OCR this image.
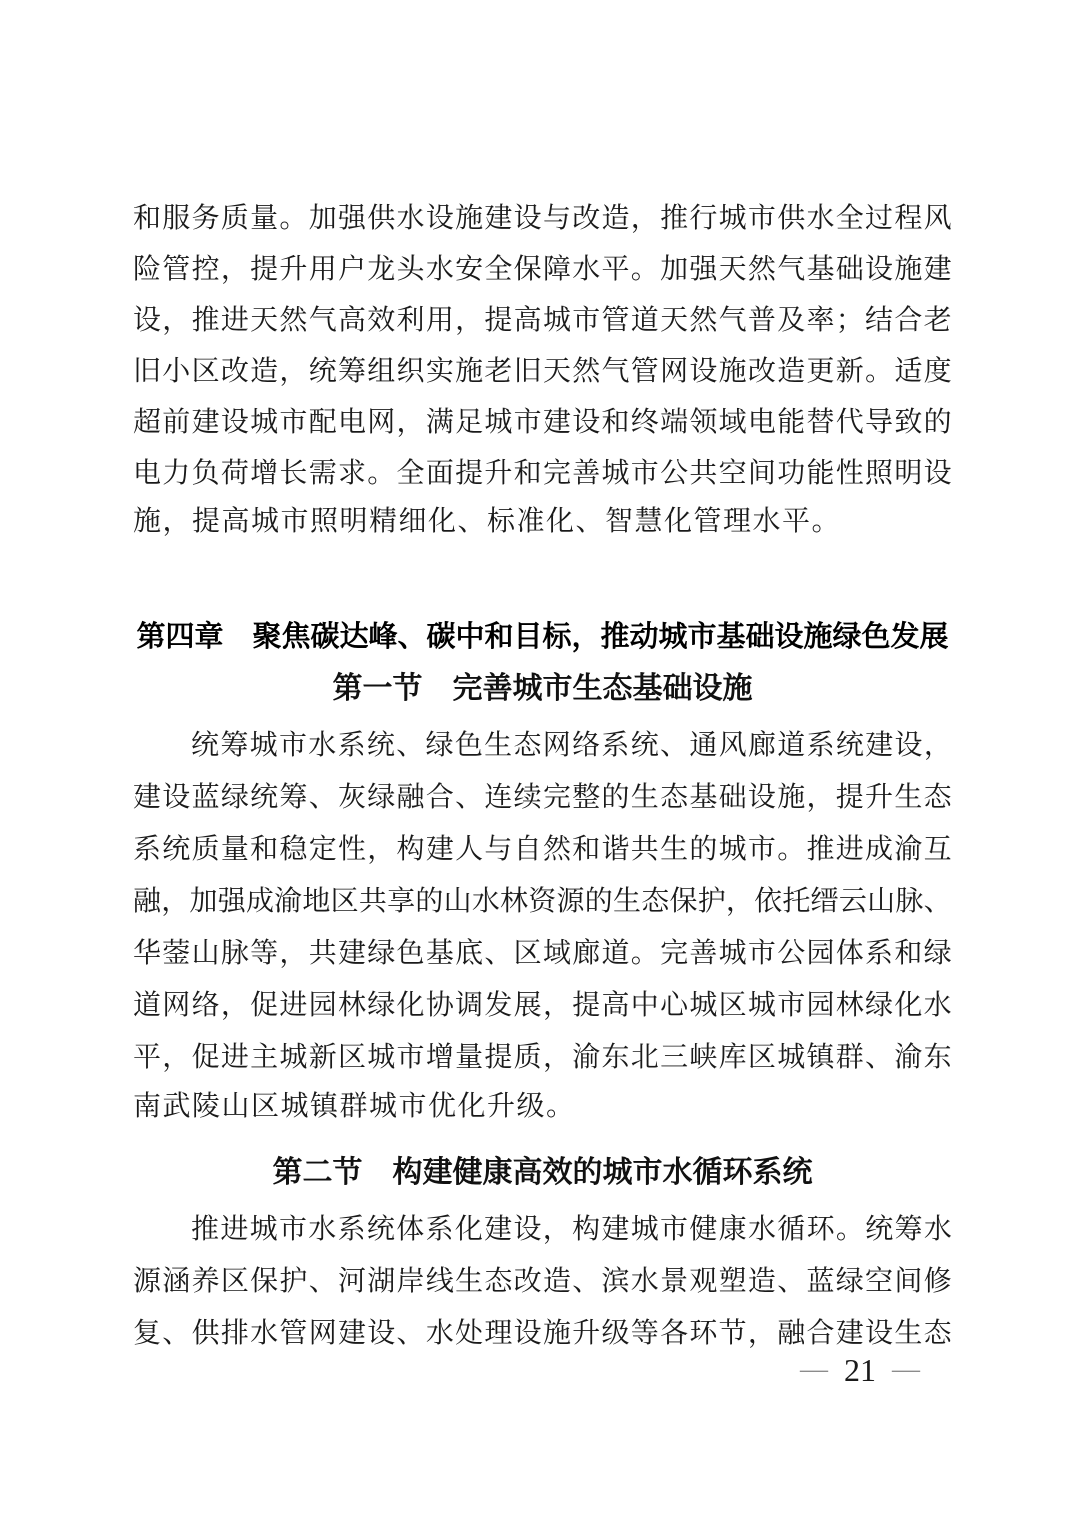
和 服 务 质 量 。 加 强 供 水 设 施 建 设 与 改 造 ， 推 行 城 市 供 水 全 过 程 风
险 管 控 ， 提 升 用 户 龙 头 水 安 全 保 障 水 平 。 加 强 天 然 气 基 础 设 施 建
设 ， 推 进 天 然 气 高 效 利 用 ， 提 高 城 市 管 道 天 然 气 普 及 率 ； 结 合 老
旧 小 区 改 造 ， 统 筹 组 织 实 施 老 旧 天 然 气 管 网 设 施 改 造 更 新 。 适 度
超 前 建 设 城 市 配 电 网 ， 满 足 城 市 建 设 和 终 端 领 域 电 能 替 代 导 致 的
电 力 负 荷 增 长 需 求 。 全 面 提 升 和 完 善 城 市 公 共 空 间 功 能 性 照 明 设
施，提高城市照明精细化、标准化、智慧化管理水平。
第四章　聚焦碳达峰、碳中和目标，推动城市基础设施绿色发展
第一节　完善城市生态基础设施
统 筹 城 市 水 系 统 、 绿 色 生 态 网 络 系 统 、 通 风 廊 道 系 统 建 设 ，
建 设 蓝 绿 统 筹 、 灰 绿 融 合 、 连 续 完 整 的 生 态 基 础 设 施 ， 提 升 生 态
系 统 质 量 和 稳 定 性 ， 构 建 人 与 自 然 和 谐 共 生 的 城 市 。 推 进 成 渝 互
融 ， 加 强 成 渝 地 区 共 享 的 山 水 林 资 源 的 生 态 保 护 ， 依 托 缙 云 山 脉 、
华 蓥 山 脉 等 ， 共 建 绿 色 基 底 、 区 域 廊 道 。 完 善 城 市 公 园 体 系 和 绿
道 网 络 ， 促 进 园 林 绿 化 协 调 发 展 ， 提 高 中 心 城 区 城 市 园 林 绿 化 水
平 ， 促 进 主 城 新 区 城 市 增 量 提 质 ， 渝 东 北 三 峡 库 区 城 镇 群 、 渝 东
南武陵山区城镇群城市优化升级。
第二节　构建健康高效的城市水循环系统
推 进 城 市 水 系 统 体 系 化 建 设 ， 构 建 城 市 健 康 水 循 环 。 统 筹 水
源 涵 养 区 保 护 、 河 湖 岸 线 生 态 改 造 、 滨 水 景 观 塑 造 、 蓝 绿 空 间 修
复 、 供 排 水 管 网 建 设 、 水 处 理 设 施 升 级 等 各 环 节 ， 融 合 建 设 生 态
— 21 —
